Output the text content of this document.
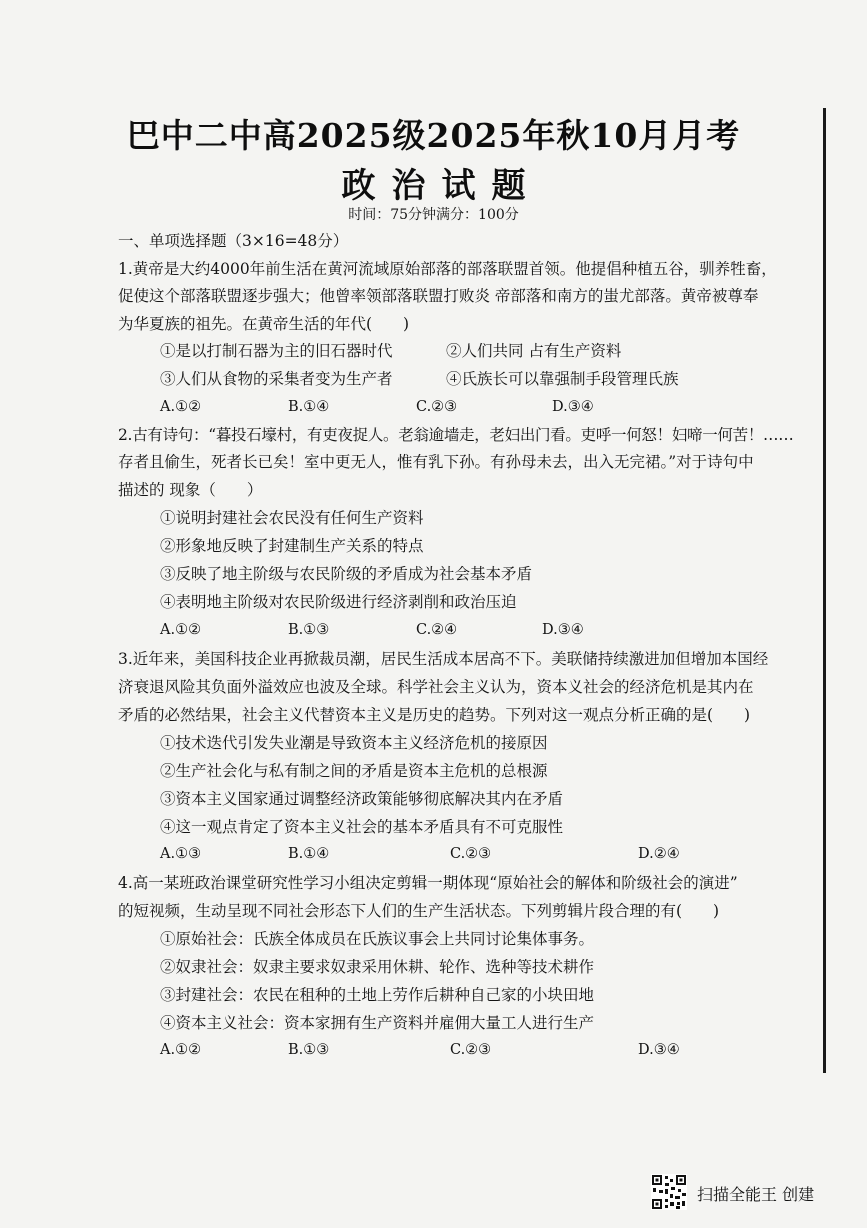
巴中二中高2025级2025年秋10月月考
政治试题
时间：75分钟满分：100分
一、单项选择题（3×16=48分）
1.黄帝是大约4000年前生活在黄河流域原始部落的部落联盟首领。他提倡种植五谷，驯养牲畜，
促使这个部落联盟逐步强大；他曾率领部落联盟打败炎 帝部落和南方的蚩尤部落。黄帝被尊奉
为华夏族的祖先。在黄帝生活的年代(　　)
①是以打制石器为主的旧石器时代	②人们共同 占有生产资料
③人们从食物的采集者变为生产者	④氏族长可以靠强制手段管理氏族
A.①②	B.①④	C.②③	D.③④
2.古有诗句：“暮投石壕村，有吏夜捉人。老翁逾墙走，老妇出门看。吏呼一何怒！妇啼一何苦！……
存者且偷生，死者长已矣！室中更无人，惟有乳下孙。有孙母未去，出入无完裙。”对于诗句中
描述的 现象（　　）
①说明封建社会农民没有任何生产资料
②形象地反映了封建制生产关系的特点
③反映了地主阶级与农民阶级的矛盾成为社会基本矛盾
④表明地主阶级对农民阶级进行经济剥削和政治压迫
A.①②	B.①③	C.②④	D.③④
3.近年来，美国科技企业再掀裁员潮，居民生活成本居高不下。美联储持续激进加但增加本国经
济衰退风险其负面外溢效应也波及全球。科学社会主义认为，资本义社会的经济危机是其内在
矛盾的必然结果，社会主义代替资本主义是历史的趋势。下列对这一观点分析正确的是(　　)
①技术迭代引发失业潮是导致资本主义经济危机的接原因
②生产社会化与私有制之间的矛盾是资本主危机的总根源
③资本主义国家通过调整经济政策能够彻底解决其内在矛盾
④这一观点肯定了资本主义社会的基本矛盾具有不可克服性
A.①③	B.①④	C.②③	D.②④
4.高一某班政治课堂研究性学习小组决定剪辑一期体现“原始社会的解体和阶级社会的演进”
的短视频，生动呈现不同社会形态下人们的生产生活状态。下列剪辑片段合理的有(　　)
①原始社会：氏族全体成员在氏族议事会上共同讨论集体事务。
②奴隶社会：奴隶主要求奴隶采用休耕、轮作、选种等技术耕作
③封建社会：农民在租种的土地上劳作后耕种自己家的小块田地
④资本主义社会：资本家拥有生产资料并雇佣大量工人进行生产
A.①②	B.①③	C.②③	D.③④
扫描全能王 创建
